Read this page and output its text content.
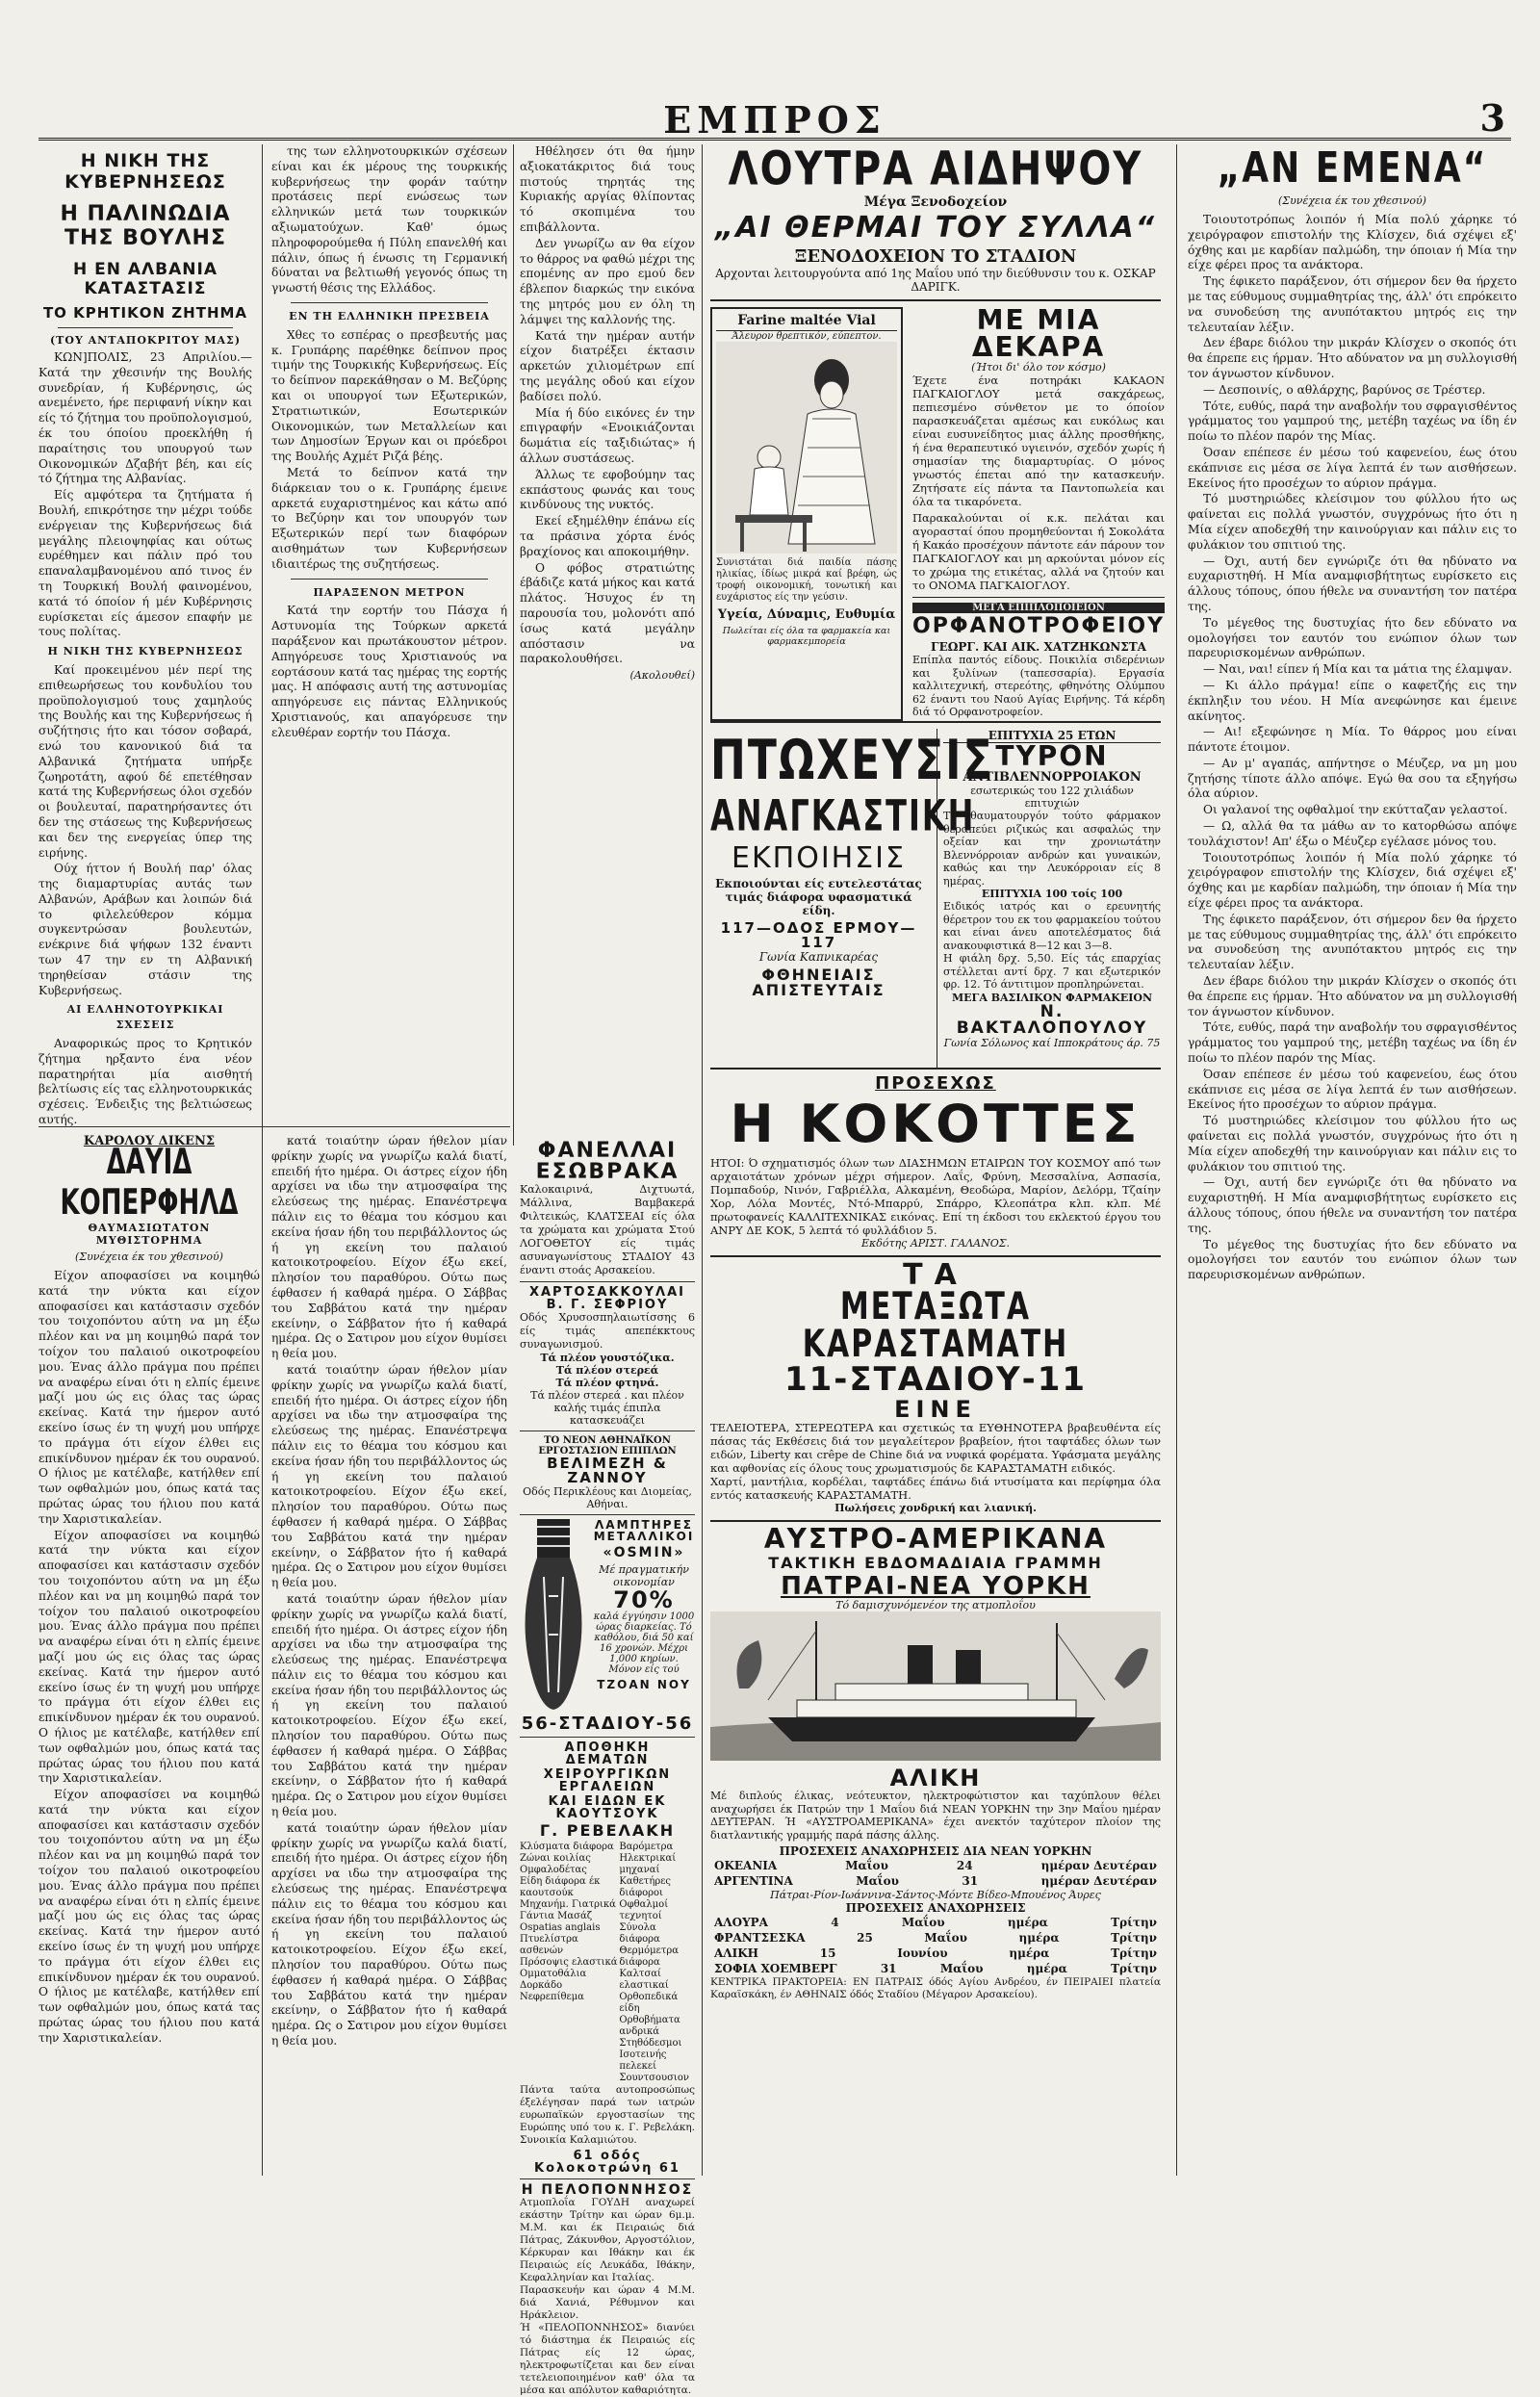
ΕΜΠΡΟΣ	3
Η ΝΙΚΗ ΤΗΣ ΚΥΒΕΡΝΗΣΕΩΣ
Η ΠΑΛΙΝΩΔΙΑ ΤΗΣ ΒΟΥΛΗΣ
Η ΕΝ ΑΛΒΑΝΙΑ ΚΑΤΑΣΤΑΣΙΣ
ΤΟ ΚΡΗΤΙΚΟΝ ΖΗΤΗΜΑ
(ΤΟΥ ΑΝΤΑΠΟΚΡΙΤΟΥ ΜΑΣ)

ΚΩΝ]ΠΟΛΙΣ, 23 Απριλίου.— Κατά την χθεσινήν της Βουλής συνεδρίαν, ή Κυβέρνησις, ώς ανεμένετο, ήρε περιφανή νίκην και είς τό ζήτημα του προϋπολογισμού, έκ του όποίου προεκλήθη ή παραίτησις του υπουργού των Οικονομικών Δζαβήτ βέη, και είς τό ζήτημα της Αλβανίας.

Είς αμφότερα τα ζητήματα ή Βουλή, επικρότησε την μέχρι τούδε ενέργειαν της Κυβερνήσεως διά μεγάλης πλειοψηφίας και ούτως ευρέθημεν και πάλιν πρό του επαναλαμβανομένου από τινος έν τη Τουρκική Βουλή φαινομένου, κατά τό όποίον ή μέν Κυβέρνησις ευρίσκεται είς άμεσον επαφήν με τους πολίτας.

Η ΝΙΚΗ ΤΗΣ ΚΥΒΕΡΝΗΣΕΩΣ

Καί προκειμένου μέν περί της επιθεωρήσεως του κονδυλίου του προϋπολογισμού τους χαμηλούς της Βουλής και της Κυβερνήσεως ή συζήτησις ήτο και τόσον σοβαρά, ενώ του κανονικού διά τα Αλβανικά ζητήματα υπήρξε ζωηροτάτη, αφού δέ επετέθησαν κατά της Κυβερνήσεως όλοι σχεδόν οι βουλευταί, παρατηρήσαντες ότι δεν της στάσεως της Κυβερνήσεως και δεν της ενεργείας ύπερ της ειρήνης.

Ούχ ήττον ή Βουλή παρ' όλας της διαμαρτυρίας αυτάς των Αλβανών, Αράβων και λοιπών διά το φιλελεύθερον κόμμα συγκεντρώσαν βουλευτών, ενέκρινε διά ψήφων 132 έναντι των 47 την εν τη Αλβανική τηρηθείσαν στάσιν της Κυβερνήσεως.

ΑΙ ΕΛΛΗΝΟΤΟΥΡΚΙΚΑΙ ΣΧΕΣΕΙΣ

Αναφορικώς προς το Κρητικόν ζήτημα ηρξαντο ένα νέον παρατηρήται μία αισθητή βελτίωσις είς τας ελληνοτουρκικάς σχέσεις. Ένδειξις της βελτιώσεως αυτής.

της των ελληνοτουρκικών σχέσεων είναι και έκ μέρους της τουρκικής κυβερνήσεως την φοράν ταύτην προτάσεις περί ενώσεως των ελληνικών μετά των τουρκικών αξιωματούχων. Καθ' όμως πληροφορούμεθα ή Πύλη επανελθή και πάλιν, όπως ή ένωσις τη Γερμανική δύναται να βελτιωθή γεγονός όπως τη γνωστή θέσις της Ελλάδος.

ΕΝ ΤΗ ΕΛΛΗΝΙΚΗ ΠΡΕΣΒΕΙΑ

Χθες το εσπέρας ο πρεσβευτής μας κ. Γρυπάρης παρέθηκε δείπνον προς τιμήν της Τουρκικής Κυβερνήσεως. Είς το δείπνον παρεκάθησαν ο Μ. Βεζύρης και οι υπουργοί των Εξωτερικών, Στρατιωτικών, Εσωτερικών Οικονομικών, των Μεταλλείων και των Δημοσίων Έργων και οι πρόεδροι της Βουλής Αχμέτ Ριζά βέης.

Μετά το δείπνον κατά την διάρκειαν του ο κ. Γρυπάρης έμεινε αρκετά ευχαριστημένος και κάτω από το Βεζύρην και τον υπουργόν των Εξωτερικών περί των διαφόρων αισθημάτων των Κυβερνήσεων ιδιαιτέρως της συζητήσεως.

ΠΑΡΑΞΕΝΟΝ ΜΕΤΡΟΝ

Κατά την εορτήν του Πάσχα ή Αστυνομία της Τούρκων αρκετά παράξενον και πρωτάκουστον μέτρον. Απηγόρευσε τους Χριστιανούς να εορτάσουν κατά τας ημέρας της εορτής μας. Η απόφασις αυτή της αστυνομίας απηγόρευσε εις πάντας Ελληνικούς Χριστιανούς, και απαγόρευσε την ελευθέραν εορτήν του Πάσχα.

Ηθέλησεν ότι θα ήμην αξιοκατάκριτος διά τους πιστούς τηρητάς της Κυριακής αργίας θλίποντας τό σκοπιμένα του επιβάλλοντα.

Δεν γνωρίζω αν θα είχον το θάρρος να φαθώ μέχρι της επομένης αν προ εμού δεν έβλεπον διαρκώς την εικόνα της μητρός μου εν όλη τη λάμψει της καλλονής της.

Κατά την ημέραν αυτήν είχον διατρέξει έκτασιν αρκετών χιλιομέτρων επί της μεγάλης οδού και είχον βαδίσει πολύ.

Μία ή δύο εικόνες έν την επιγραφήν «Ενοικιάζονται δωμάτια είς ταξιδιώτας» ή άλλων συστάσεως.

Άλλως τε εφοβούμην τας εκπάστους φωνάς και τους κινδύνους της νυκτός.

Εκεί εξημέλθην έπάνω είς τα πράσινα χόρτα ένός βραχίονος και αποκοιμήθην.

Ο φόβος στρατιώτης έβάδιζε κατά μήκος και κατά πλάτος. Ήσυχος έν τη παρουσία του, μολονότι από ίσως κατά μεγάλην απόστασιν να παρακολουθήσει.

(Ακολουθεί)
ΚΑΡΟΛΟΥ ΔΙΚΕΝΣ
ΔΑΥΙΔ ΚΟΠΕΡΦΗΛΔ
ΘΑΥΜΑΣΙΩΤΑΤΟΝ ΜΥΘΙΣΤΟΡΗΜΑ
(Συνέχεια έκ του χθεσινού)

Είχον αποφασίσει να κοιμηθώ κατά την νύκτα και είχον αποφασίσει και κατάστασιν σχεδόν του τοιχοπόντου αύτη να μη έξω πλέον και να μη κοιμηθώ παρά τον τοίχον του παλαιού οικοτροφείου μου. Ένας άλλο πράγμα που πρέπει να αναφέρω είναι ότι η ελπίς έμεινε μαζί μου ώς εις όλας τας ώρας εκείνας. Κατά την ήμερον αυτό εκείνο ίσως έν τη ψυχή μου υπήρχε το πράγμα ότι είχον έλθει εις επικίνδυνον ημέραν έκ του ουρανού. Ο ήλιος με κατέλαβε, κατήλθεν επί των οφθαλμών μου, όπως κατά τας πρώτας ώρας του ήλιου που κατά την Χαριστικαλείαν.

Είχον αποφασίσει να κοιμηθώ κατά την νύκτα και είχον αποφασίσει και κατάστασιν σχεδόν του τοιχοπόντου αύτη να μη έξω πλέον και να μη κοιμηθώ παρά τον τοίχον του παλαιού οικοτροφείου μου. Ένας άλλο πράγμα που πρέπει να αναφέρω είναι ότι η ελπίς έμεινε μαζί μου ώς εις όλας τας ώρας εκείνας. Κατά την ήμερον αυτό εκείνο ίσως έν τη ψυχή μου υπήρχε το πράγμα ότι είχον έλθει εις επικίνδυνον ημέραν έκ του ουρανού. Ο ήλιος με κατέλαβε, κατήλθεν επί των οφθαλμών μου, όπως κατά τας πρώτας ώρας του ήλιου που κατά την Χαριστικαλείαν.

Είχον αποφασίσει να κοιμηθώ κατά την νύκτα και είχον αποφασίσει και κατάστασιν σχεδόν του τοιχοπόντου αύτη να μη έξω πλέον και να μη κοιμηθώ παρά τον τοίχον του παλαιού οικοτροφείου μου. Ένας άλλο πράγμα που πρέπει να αναφέρω είναι ότι η ελπίς έμεινε μαζί μου ώς εις όλας τας ώρας εκείνας. Κατά την ήμερον αυτό εκείνο ίσως έν τη ψυχή μου υπήρχε το πράγμα ότι είχον έλθει εις επικίνδυνον ημέραν έκ του ουρανού. Ο ήλιος με κατέλαβε, κατήλθεν επί των οφθαλμών μου, όπως κατά τας πρώτας ώρας του ήλιου που κατά την Χαριστικαλείαν.

κατά τοιαύτην ώραν ήθελον μίαν φρίκην χωρίς να γνωρίζω καλά διατί, επειδή ήτο ημέρα. Οι άστρες είχον ήδη αρχίσει να ιδω την ατμοσφαίρα της ελεύσεως της ημέρας. Επανέστρεψα πάλιν εις το θέαμα του κόσμου και εκείνα ήσαν ήδη του περιβάλλοντος ώς ή γη εκείνη του παλαιού κατοικοτροφείου. Είχον έξω εκεί, πλησίον του παραθύρου. Ούτω πως έφθασεν ή καθαρά ημέρα. Ο Σάββας του Σαββάτου κατά την ημέραν εκείνην, ο Σάββατον ήτο ή καθαρά ημέρα. Ως ο Σατιρον μου είχον θυμίσει η θεία μου.

κατά τοιαύτην ώραν ήθελον μίαν φρίκην χωρίς να γνωρίζω καλά διατί, επειδή ήτο ημέρα. Οι άστρες είχον ήδη αρχίσει να ιδω την ατμοσφαίρα της ελεύσεως της ημέρας. Επανέστρεψα πάλιν εις το θέαμα του κόσμου και εκείνα ήσαν ήδη του περιβάλλοντος ώς ή γη εκείνη του παλαιού κατοικοτροφείου. Είχον έξω εκεί, πλησίον του παραθύρου. Ούτω πως έφθασεν ή καθαρά ημέρα. Ο Σάββας του Σαββάτου κατά την ημέραν εκείνην, ο Σάββατον ήτο ή καθαρά ημέρα. Ως ο Σατιρον μου είχον θυμίσει η θεία μου.

κατά τοιαύτην ώραν ήθελον μίαν φρίκην χωρίς να γνωρίζω καλά διατί, επειδή ήτο ημέρα. Οι άστρες είχον ήδη αρχίσει να ιδω την ατμοσφαίρα της ελεύσεως της ημέρας. Επανέστρεψα πάλιν εις το θέαμα του κόσμου και εκείνα ήσαν ήδη του περιβάλλοντος ώς ή γη εκείνη του παλαιού κατοικοτροφείου. Είχον έξω εκεί, πλησίον του παραθύρου. Ούτω πως έφθασεν ή καθαρά ημέρα. Ο Σάββας του Σαββάτου κατά την ημέραν εκείνην, ο Σάββατον ήτο ή καθαρά ημέρα. Ως ο Σατιρον μου είχον θυμίσει η θεία μου.

κατά τοιαύτην ώραν ήθελον μίαν φρίκην χωρίς να γνωρίζω καλά διατί, επειδή ήτο ημέρα. Οι άστρες είχον ήδη αρχίσει να ιδω την ατμοσφαίρα της ελεύσεως της ημέρας. Επανέστρεψα πάλιν εις το θέαμα του κόσμου και εκείνα ήσαν ήδη του περιβάλλοντος ώς ή γη εκείνη του παλαιού κατοικοτροφείου. Είχον έξω εκεί, πλησίον του παραθύρου. Ούτω πως έφθασεν ή καθαρά ημέρα. Ο Σάββας του Σαββάτου κατά την ημέραν εκείνην, ο Σάββατον ήτο ή καθαρά ημέρα. Ως ο Σατιρον μου είχον θυμίσει η θεία μου.

ΦΑΝΕΛΛΑΙ ΕΣΩΒΡΑΚΑ
Καλοκαιρινά, Διχτυωτά, Μάλλινα, Βαμβακερά Φιλτεικώς, ΚΛΑΤΣΕΑΙ είς όλα τα χρώματα και χρώματα Στού ΛΟΓΟΘΕΤΟΥ είς τιμάς ασυναγωνίστους ΣΤΑΔΙΟΥ 43 έναντι στοάς Αρσακείου.
ΧΑΡΤΟΣΑΚΚΟΥΛΑΙ Β. Γ. ΣΕΦΡΙΟΥ
Οδός Χρυσοσπηλαιωτίσσης 6 είς τιμάς απεπέκκτους συναγωνισμού.
Τά πλέον γουστόζικα.
Τά πλέον στερεά
Τά πλέον φτηνά.
Τά πλέον στερεά . και πλέον καλής τιμάς έπιπλα κατασκευάζει
ΤΟ ΝΕΟΝ ΑΘΗΝΑΪΚΟΝ ΕΡΓΟΣΤΑΣΙΟΝ ΕΠΙΠΛΩΝ
ΒΕΛΙΜΕΖΗ & ΖΑΝΝΟΥ
Οδός Περικλέους και Διομείας, Αθήναι.
ΛΑΜΠΤΗΡΕΣ ΜΕΤΑΛΛΙΚΟΙ
«OSMIN»
Μέ πραγματικήν οικονομίαν
70%
καλά έγγύησιν 1000 ώρας διαρκείας. Τό καθόλου, διά 50 καί 16 χρονών. Μέχρι 1,000 κηρίων. Μόνον είς τού
ΤΖΟΑΝ ΝΟΥ
56-ΣΤΑΔΙΟΥ-56
ΑΠΟΘΗΚΗ ΔΕΜΑΤΩΝ
ΧΕΙΡΟΥΡΓΙΚΩΝ ΕΡΓΑΛΕΙΩΝ
ΚΑΙ ΕΙΔΩΝ ΕΚ ΚΑΟΥΤΣΟΥΚ
Γ. ΡΕΒΕΛΑΚΗ
Κλύσματα διάφορα
Ζώναι κοιλίας
Ομφαλοδέτας
Είδη διάφορα έκ καουτσούκ
Μηχανήμ. Γιατρικά
Γάντια Μασάζ
Ospatias anglais
Πτυελίστρα ασθενών
Πρόσοψις ελαστικά
Ομματοθάλια
Δορκάδο
Νεφρεπίθεμα
Βαρόμετρα
Ηλεκτρικαί μηχαναί
Καθετήρες διάφοροι
Οφθαλμοί τεχνητοί
Σύνολα διάφορα
Θερμόμετρα διάφορα
Καλτσαί ελαστικαί
Ορθοπεδικά είδη
Ορθοβήματα ανδρικά
Στηθόδεσμοι
Ισοτεινής πελεκεί
Σουντσουσιον
Πάντα ταύτα αυτοπροσώπως έξελέγησαν παρά των ιατρών ευρωπαϊκών εργοστασίων της Ευρώπης υπό του κ. Γ. Ρεβελάκη. Συνοικία Καλαμιώτου.
61 οδός Κολοκοτρώνη 61
Η ΠΕΛΟΠΟΝΝΗΣΟΣ
Ατμοπλοΐα ΓΟΥΔΗ αναχωρεί εκάστην Τρίτην και ώραν 6μ.μ. Μ.Μ. και έκ Πειραιώς διά Πάτρας, Ζάκυνθον, Αργοστόλιον, Κέρκυραν και Ιθάκην και έκ Πειραιώς είς Λευκάδα, Ιθάκην, Κεφαλληνίαν και Ιταλίας.
Παρασκευήν και ώραν 4 Μ.Μ. διά Χανιά, Ρέθυμνον και Ηράκλειον.
Ή «ΠΕΛΟΠΟΝΝΗΣΟΣ» διανύει τό διάστημα έκ Πειραιώς είς Πάτρας είς 12 ώρας, ηλεκτροφωτίζεται και δεν είναι τετελειοποιημένον καθ' όλα τα μέσα και απόλυτον καθαριότητα.
ΛΟΥΤΡΑ ΑΙΔΗΨΟΥ
Μέγα Ξενοδοχείον
„ΑΙ ΘΕΡΜΑΙ ΤΟΥ ΣΥΛΛΑ“
ΞΕΝΟΔΟΧΕΙΟΝ ΤΟ ΣΤΑΔΙΟΝ
Αρχονται λειτουργούντα από 1ης Μαΐου υπό την διεύθυνσιν του κ. ΟΣΚΑΡ ΔΑΡΙΓΚ.
Farine maltée Vial
Άλευρον θρεπτικόν, εύπεπτον.
Συνιστάται διά παιδία πάσης ηλικίας, ίδίως μικρά καί βρέφη, ώς τροφή οικονομική, τονωτική και ευχάριστος είς την γεύσιν.
Υγεία, Δύναμις, Ευθυμία
Πωλείται είς όλα τα φαρμακεία και φαρμακεμπορεία
ΜΕ ΜΙΑ ΔΕΚΑΡΑ
(Ήτοι δι' όλο τον κόσμο)
Έχετε ένα ποτηράκι ΚΑΚΑΟΝ ΠΑΓΚΑΙΟΓΛΟΥ μετά σακχάρεως, πεπιεσμένο σύνθετον με το όποίον παρασκευάζεται αμέσως και ευκόλως και είναι ευσυνείδητος μιας άλλης προσθήκης, ή ένα θεραπευτικό υγιεινόν, σχεδόν χωρίς ή σημασίαν της διαμαρτυρίας. Ο μόνος γνωστός έπεται από την κατασκευήν. Ζητήσατε είς πάντα τα Παντοπωλεία και όλα τα τικαρόνετα.
Παρακαλούνται οί κ.κ. πελάται και αγορασταί όπου προμηθεύονται ή Σοκολάτα ή Κακάο προσέχουν πάντοτε εάν πάρουν τον ΠΑΓΚΑΙΟΓΛΟΥ και μη αρκούνται μόνον είς το χρώμα της ετικέτας, αλλά να ζητούν και το ΟΝΟΜΑ ΠΑΓΚΑΙΟΓΛΟΥ.
ΜΕΓΑ ΕΠΙΠΛΟΠΟΙΕΙΟΝ
ΟΡΦΑΝΟΤΡΟΦΕΙΟΥ
ΓΕΩΡΓ. ΚΑΙ ΑΙΚ. ΧΑΤΖΗΚΩΝΣΤΑ
Επίπλα παντός είδους. Ποικιλία σιδερένιων και ξυλίνων (ταπεσσαρία). Εργασία καλλιτεχνική, στερεότης, φθηνότης Ολύμπου 62 έναντι του Ναού Αγίας Ειρήνης. Τά κέρδη διά τό Ορφανοτροφείον.
ΠΤΩΧΕΥΣΙΣ
ΑΝΑΓΚΑΣΤΙΚΗ
ΕΚΠΟΙΗΣΙΣ
Εκποιούνται είς ευτελεστάτας τιμάς διάφορα υφασματικά είδη.
117—ΟΔΟΣ ΕΡΜΟΥ—117
Γωνία Καπνικαρέας
ΦΘΗΝΕΙΑΙΣ ΑΠΙΣΤΕΥΤΑΙΣ
ΕΠΙΤΥΧΙΑ 25 ΕΤΩΝ
ΤΥΡΟΝ
ΑΝΤΙΒΛΕΝΝΟΡΡΟΙΑΚΟΝ
εσωτερικώς του 122 χιλιάδων επιτυχιών
Τό θαυματουργόν τούτο φάρμακον θεραπεύει ριζικώς και ασφαλώς την οξείαν και την χρονιωτάτην Βλεννόρροιαν ανδρών και γυναικών, καθώς και την Λευκόρροιαν είς 8 ημέρας.
ΕΠΙΤΥΧΙΑ 100 τοίς 100
Ειδικός ιατρός και ο ερευνητής θέρετρον του εκ του φαρμακείου τούτου και είναι άνευ αποτελέσματος διά ανακουφιστικά 8—12 και 3—8.
Η φιάλη δρχ. 5,50. Είς τάς επαρχίας στέλλεται αντί δρχ. 7 και εξωτερικόν φρ. 12. Τό άντιτιμον προπληρώνεται.
ΜΕΓΑ ΒΑΣΙΛΙΚΟΝ ΦΑΡΜΑΚΕΙΟΝ
Ν. ΒΑΚΤΑΛΟΠΟΥΛΟΥ
Γωνία Σόλωνος καί Ιπποκράτους άρ. 75
ΠΡΟΣΕΧΩΣ
Η ΚΟΚΟΤΤΕΣ
ΗΤΟΙ: Ό σχηματισμός όλων των ΔΙΑΣΗΜΩΝ ΕΤΑΙΡΩΝ ΤΟΥ ΚΟΣΜΟΥ από των αρχαιοτάτων χρόνων μέχρι σήμερον. Λαΐς, Φρύνη, Μεσσαλίνα, Ασπασία, Πομπαδούρ, Νινόν, Γαβριέλλα, Αλκαμένη, Θεοδώρα, Μαρίον, Δελόρμ, Τζαίην Χορ, Λόλα Μοντές, Ντό-Μπαρρύ, Σπάρρο, Κλεοπάτρα κλπ. κλπ. Μέ πρωτοφανείς ΚΑΛΛΙΤΕΧΝΙΚΑΣ εικόνας. Επί τη έκδοσι του εκλεκτού έργου του ΑΝΡΥ ΔΕ ΚΟΚ, 5 λεπτά τό φυλλάδιον 5.
Εκδότης ΑΡΙΣΤ. ΓΑΛΑΝΟΣ.
ΤΑ
ΜΕΤΑΞΩΤΑ ΚΑΡΑΣΤΑΜΑΤΗ
11-ΣΤΑΔΙΟΥ-11
ΕΙΝΕ
ΤΕΛΕΙΟΤΕΡΑ, ΣΤΕΡΕΩΤΕΡΑ και σχετικώς τα ΕΥΘΗΝΟΤΕΡΑ βραβευθέντα είς πάσας τάς Εκθέσεις διά τον μεγαλείτερον βραβείον, ήτοι ταφτάδες όλων των ειδών, Liberty και crêpe de Chine διά να νυφικά φορέματα. Υφάσματα μεγάλης και αφθονίας είς όλους τους χρωματισμούς δε ΚΑΡΑΣΤΑΜΑΤΗ ειδικός.
Χαρτί, μαντήλια, κορδέλαι, ταφτάδες έπάνω διά ντυσίματα και περίφημα όλα εντός κατασκευής ΚΑΡΑΣΤΑΜΑΤΗ.
Πωλήσεις χονδρική και λιανική.
ΑΥΣΤΡΟ-ΑΜΕΡΙΚΑΝΑ
ΤΑΚΤΙΚΗ ΕΒΔΟΜΑΔΙΑΙΑ ΓΡΑΜΜΗ
ΠΑΤΡΑΙ-ΝΕΑ ΥΟΡΚΗ
Τό δαμισχυνόμενέον της ατμοπλοΐου
ΑΛΙΚΗ
Μέ διπλούς έλικας, νεότευκτον, ηλεκτροφώτιστον και ταχύπλουν θέλει αναχωρήσει έκ Πατρών την 1 Μαΐου διά ΝΕΑΝ ΥΟΡΚΗΝ την 3ην Μαΐου ημέραν ΔΕΥΤΕΡΑΝ. Ή «ΑΥΣΤΡΟΑΜΕΡΙΚΑΝΑ» έχει ανεκτόν ταχύτερον πλοίον της διατλαντικής γραμμής παρά πάσης άλλης.
ΠΡΟΣΕΧΕΙΣ ΑΝΑΧΩΡΗΣΕΙΣ ΔΙΑ ΝΕΑΝ ΥΟΡΚΗΝ
ΟΚΕΑΝΙΑ	Μαΐου	24	ημέραν Δευτέραν
ΑΡΓΕΝΤΙΝΑ	Μαΐου	31	ημέραν Δευτέραν
Πάτραι-Ρίον-Ιωάννινα-Σάντος-Μόντε Βίδεο-Μπουένος Άυρες
ΠΡΟΣΕΧΕΙΣ ΑΝΑΧΩΡΗΣΕΙΣ
ΑΛΟΥΡΑ	4	Μαΐου	ημέρα	Τρίτην
ΦΡΑΝΤΣΕΣΚΑ	25	Μαΐου	ημέρα	Τρίτην
ΑΛΙΚΗ	15	Ιουνίου	ημέρα	Τρίτην
ΣΟΦΙΑ ΧΟΕΜΒΕΡΓ	31	Μαΐου	ημέρα	Τρίτην
ΚΕΝΤΡΙΚΑ ΠΡΑΚΤΟΡΕΙΑ: ΕΝ ΠΑΤΡΑΙΣ όδός Αγίου Ανδρέου, έν ΠΕΙΡΑΙΕΙ πλατεία Καραϊσκάκη, έν ΑΘΗΝΑΙΣ όδός Σταδίου (Μέγαρον Αρσακείου).
„ΑΝ ΕΜΕΝΑ“
(Συνέχεια έκ του χθεσινού)

Τοιουτοτρόπως λοιπόν ή Μία πολύ χάρηκε τό χειρόγραφον επιστολήν της Κλίσχεν, διά σχέψει εξ' όχθης και με καρδίαν παλμώδη, την όποιαν ή Μία την είχε φέρει προς τα ανάκτορα.

Της έφικετο παράξενον, ότι σήμερον δεν θα ήρχετο με τας εύθυμους συμμαθητρίας της, άλλ' ότι επρόκειτο να συνοδεύση της ανυπότακτου μητρός εις την τελευταίαν λέξιν.

Δεν έβαρε διόλου την μικράν Κλίσχεν ο σκοπός ότι θα έπρεπε εις ήρμαν. Ήτο αδύνατον να μη συλλογισθή τον άγνωστον κίνδυνον.

— Δεσποινίς, ο αθλάρχης, βαρύνος σε Τρέστερ.

Τότε, ευθύς, παρά την αναβολήν του σφραγισθέντος γράμματος του γαμπρού της, μετέβη ταχέως να ίδη έν ποίω το πλέον παρόν της Μίας.

Όσαν επέπεσε έν μέσω τού καφενείου, έως ότου εκάπνισε εις μέσα σε λίγα λεπτά έν των αισθήσεων. Εκείνος ήτο προσέχων το αύριον πράγμα.

Τό μυστηριώδες κλείσιμον του φύλλου ήτο ως φαίνεται εις πολλά γνωστόν, συγχρόνως ήτο ότι η Μία είχεν αποδεχθή την καινούργιαν και πάλιν εις το φυλάκιον του σπιτιού της.

— Όχι, αυτή δεν εγνώριζε ότι θα ηδύνατο να ευχαριστηθή. Η Μία αναμφισβήτητως ευρίσκετο εις άλλους τόπους, όπου ήθελε να συναντήση τον πατέρα της.

Το μέγεθος της δυστυχίας ήτο δεν εδύνατο να ομολογήσει τον εαυτόν του ενώπιον όλων των παρευρισκομένων ανθρώπων.

— Ναι, ναι! είπεν ή Μία και τα μάτια της έλαμψαν.

— Κι άλλο πράγμα! είπε ο καφετζής εις την έκπληξιν του νέου. Η Μία ανεφώνησε και έμεινε ακίνητος.

— Αι! εξεφώνησε η Μία. Το θάρρος μου είναι πάντοτε έτοιμον.

— Αν μ' αγαπάς, απήντησε ο Μέυζερ, να μη μου ζητήσης τίποτε άλλο απόψε. Εγώ θα σου τα εξηγήσω όλα αύριον.

Οι γαλανοί της οφθαλμοί την εκύτταζαν γελαστοί.

— Ω, αλλά θα τα μάθω αν το κατορθώσω απόψε τουλάχιστον! Απ' έξω ο Μέυζερ εγέλασε μόνος του.

Τοιουτοτρόπως λοιπόν ή Μία πολύ χάρηκε τό χειρόγραφον επιστολήν της Κλίσχεν, διά σχέψει εξ' όχθης και με καρδίαν παλμώδη, την όποιαν ή Μία την είχε φέρει προς τα ανάκτορα.

Της έφικετο παράξενον, ότι σήμερον δεν θα ήρχετο με τας εύθυμους συμμαθητρίας της, άλλ' ότι επρόκειτο να συνοδεύση της ανυπότακτου μητρός εις την τελευταίαν λέξιν.

Δεν έβαρε διόλου την μικράν Κλίσχεν ο σκοπός ότι θα έπρεπε εις ήρμαν. Ήτο αδύνατον να μη συλλογισθή τον άγνωστον κίνδυνον.

Τότε, ευθύς, παρά την αναβολήν του σφραγισθέντος γράμματος του γαμπρού της, μετέβη ταχέως να ίδη έν ποίω το πλέον παρόν της Μίας.

Όσαν επέπεσε έν μέσω τού καφενείου, έως ότου εκάπνισε εις μέσα σε λίγα λεπτά έν των αισθήσεων. Εκείνος ήτο προσέχων το αύριον πράγμα.

Τό μυστηριώδες κλείσιμον του φύλλου ήτο ως φαίνεται εις πολλά γνωστόν, συγχρόνως ήτο ότι η Μία είχεν αποδεχθή την καινούργιαν και πάλιν εις το φυλάκιον του σπιτιού της.

— Όχι, αυτή δεν εγνώριζε ότι θα ηδύνατο να ευχαριστηθή. Η Μία αναμφισβήτητως ευρίσκετο εις άλλους τόπους, όπου ήθελε να συναντήση τον πατέρα της.

Το μέγεθος της δυστυχίας ήτο δεν εδύνατο να ομολογήσει τον εαυτόν του ενώπιον όλων των παρευρισκομένων ανθρώπων.
